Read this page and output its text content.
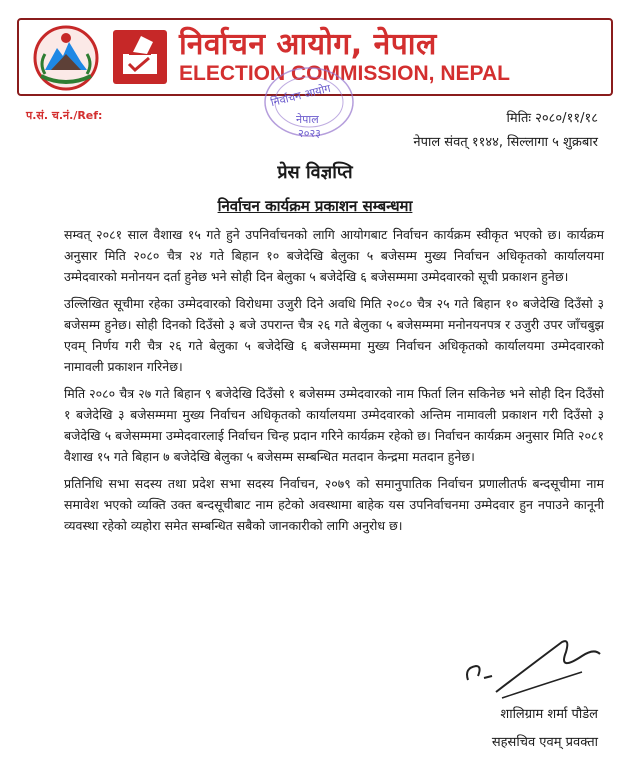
निर्वाचन आयोग, नेपाल
ELECTION COMMISSION, NEPAL
निर्वाचन आयोग
नेपाल
२०२३
प.सं. च.नं./Ref:	मितिः २०८०/११/१८
नेपाल संवत् ११४४, सिल्लागा ५ शुक्रबार
प्रेस विज्ञप्ति
निर्वाचन कार्यक्रम प्रकाशन सम्बन्धमा

सम्वत् २०८१ साल वैशाख १५ गते हुने उपनिर्वाचनको लागि आयोगबाट निर्वाचन कार्यक्रम स्वीकृत भएको छ। कार्यक्रम अनुसार मिति २०८० चैत्र २४ गते बिहान १० बजेदेखि बेलुका ५ बजेसम्म मुख्य निर्वाचन अधिकृतको कार्यालयमा उम्मेदवारको मनोनयन दर्ता हुनेछ भने सोही दिन बेलुका ५ बजेदेखि ६ बजेसम्ममा उम्मेदवारको सूची प्रकाशन हुनेछ।

उल्लिखित सूचीमा रहेका उम्मेदवारको विरोधमा उजुरी दिने अवधि मिति २०८० चैत्र २५ गते बिहान १० बजेदेखि दिउँसो ३ बजेसम्म हुनेछ। सोही दिनको दिउँसो ३ बजे उपरान्त चैत्र २६ गते बेलुका ५ बजेसम्ममा मनोनयनपत्र र उजुरी उपर जाँचबुझ एवम् निर्णय गरी चैत्र २६ गते बेलुका ५ बजेदेखि ६ बजेसम्ममा मुख्य निर्वाचन अधिकृतको कार्यालयमा उम्मेदवारको नामावली प्रकाशन गरिनेछ।

मिति २०८० चैत्र २७ गते बिहान ९ बजेदेखि दिउँसो १ बजेसम्म उम्मेदवारको नाम फिर्ता लिन सकिनेछ भने सोही दिन दिउँसो १ बजेदेखि ३ बजेसम्ममा मुख्य निर्वाचन अधिकृतको कार्यालयमा उम्मेदवारको अन्तिम नामावली प्रकाशन गरी दिउँसो ३ बजेदेखि ५ बजेसम्ममा उम्मेदवारलाई निर्वाचन चिन्ह प्रदान गरिने कार्यक्रम रहेको छ। निर्वाचन कार्यक्रम अनुसार मिति २०८१ वैशाख १५ गते बिहान ७ बजेदेखि बेलुका ५ बजेसम्म सम्बन्धित मतदान केन्द्रमा मतदान हुनेछ।

प्रतिनिधि सभा सदस्य तथा प्रदेश सभा सदस्य निर्वाचन, २०७९ को समानुपातिक निर्वाचन प्रणालीतर्फ बन्दसूचीमा नाम समावेश भएको व्यक्ति उक्त बन्दसूचीबाट नाम हटेको अवस्थामा बाहेक यस उपनिर्वाचनमा उम्मेदवार हुन नपाउने कानूनी व्यवस्था रहेको व्यहोरा समेत सम्बन्धित सबैको जानकारीको लागि अनुरोध छ।

शालिग्राम शर्मा पौडेल
सहसचिव एवम् प्रवक्ता
